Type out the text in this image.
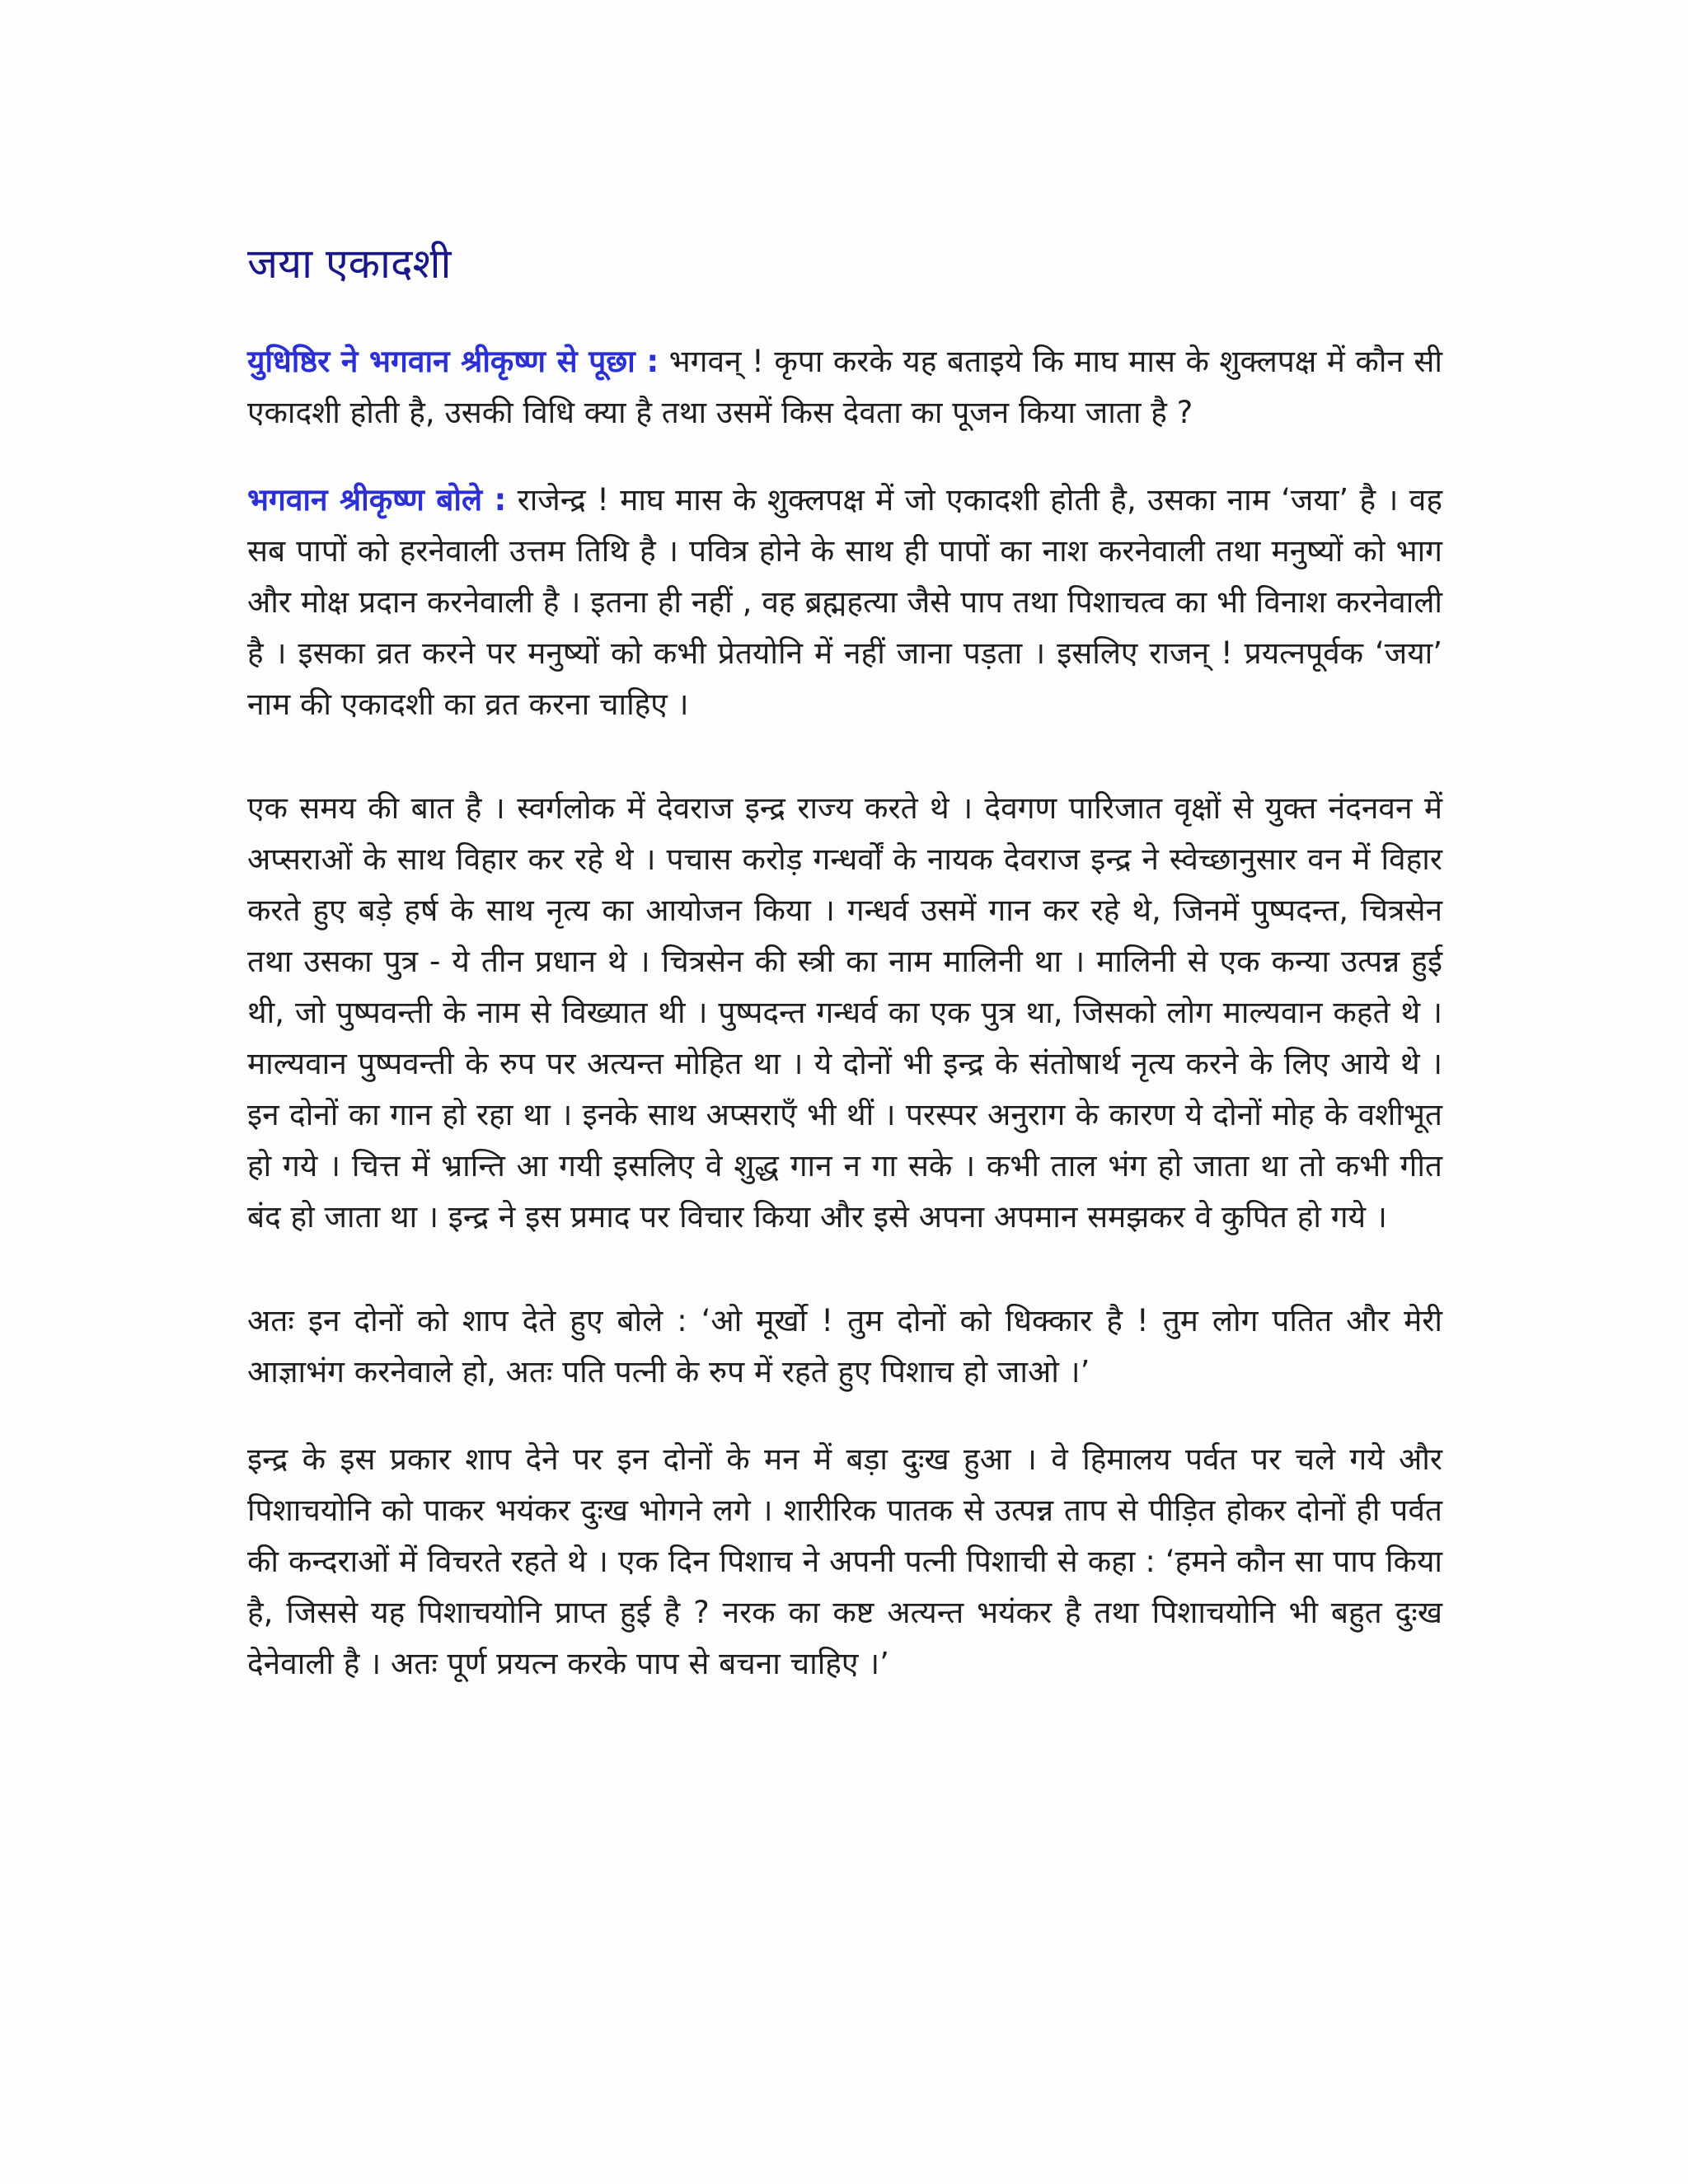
जया एकादशी

युधिष्ठिर ने भगवान श्रीकृष्ण से पूछा : भगवन् ! कृपा करके यह बताइये कि माघ मास के शुक्लपक्ष में कौन सी एकादशी होती है, उसकी विधि क्या है तथा उसमें किस देवता का पूजन किया जाता है ?

भगवान श्रीकृष्ण बोले : राजेन्द्र ! माघ मास के शुक्लपक्ष में जो एकादशी होती है, उसका नाम ‘जया’ है । वह सब पापों को हरनेवाली उत्तम तिथि है । पवित्र होने के साथ ही पापों का नाश करनेवाली तथा मनुष्यों को भाग और मोक्ष प्रदान करनेवाली है । इतना ही नहीं , वह ब्रह्महत्या जैसे पाप तथा पिशाचत्व का भी विनाश करनेवाली है । इसका व्रत करने पर मनुष्यों को कभी प्रेतयोनि में नहीं जाना पड़ता । इसलिए राजन् ! प्रयत्नपूर्वक ‘जया’ नाम की एकादशी का व्रत करना चाहिए ।

एक समय की बात है । स्वर्गलोक में देवराज इन्द्र राज्य करते थे । देवगण पारिजात वृक्षों से युक्त नंदनवन में अप्सराओं के साथ विहार कर रहे थे । पचास करोड़ गन्धर्वों के नायक देवराज इन्द्र ने स्वेच्छानुसार वन में विहार करते हुए बड़े हर्ष के साथ नृत्य का आयोजन किया । गन्धर्व उसमें गान कर रहे थे, जिनमें पुष्पदन्त, चित्रसेन तथा उसका पुत्र - ये तीन प्रधान थे । चित्रसेन की स्त्री का नाम मालिनी था । मालिनी से एक कन्या उत्पन्न हुई थी, जो पुष्पवन्ती के नाम से विख्यात थी । पुष्पदन्त गन्धर्व का एक पुत्र था, जिसको लोग माल्यवान कहते थे । माल्यवान पुष्पवन्ती के रुप पर अत्यन्त मोहित था । ये दोनों भी इन्द्र के संतोषार्थ नृत्य करने के लिए आये थे । इन दोनों का गान हो रहा था । इनके साथ अप्सराएँ भी थीं । परस्पर अनुराग के कारण ये दोनों मोह के वशीभूत हो गये । चित्त में भ्रान्ति आ गयी इसलिए वे शुद्ध गान न गा सके । कभी ताल भंग हो जाता था तो कभी गीत बंद हो जाता था । इन्द्र ने इस प्रमाद पर विचार किया और इसे अपना अपमान समझकर वे कुपित हो गये ।

अतः इन दोनों को शाप देते हुए बोले : ‘ओ मूर्खो ! तुम दोनों को धिक्कार है ! तुम लोग पतित और मेरी आज्ञाभंग करनेवाले हो, अतः पति पत्नी के रुप में रहते हुए पिशाच हो जाओ ।’

इन्द्र के इस प्रकार शाप देने पर इन दोनों के मन में बड़ा दुःख हुआ । वे हिमालय पर्वत पर चले गये और पिशाचयोनि को पाकर भयंकर दुःख भोगने लगे । शारीरिक पातक से उत्पन्न ताप से पीड़ित होकर दोनों ही पर्वत की कन्दराओं में विचरते रहते थे । एक दिन पिशाच ने अपनी पत्नी पिशाची से कहा : ‘हमने कौन सा पाप किया है, जिससे यह पिशाचयोनि प्राप्त हुई है ? नरक का कष्ट अत्यन्त भयंकर है तथा पिशाचयोनि भी बहुत दुःख देनेवाली है । अतः पूर्ण प्रयत्न करके पाप से बचना चाहिए ।’
